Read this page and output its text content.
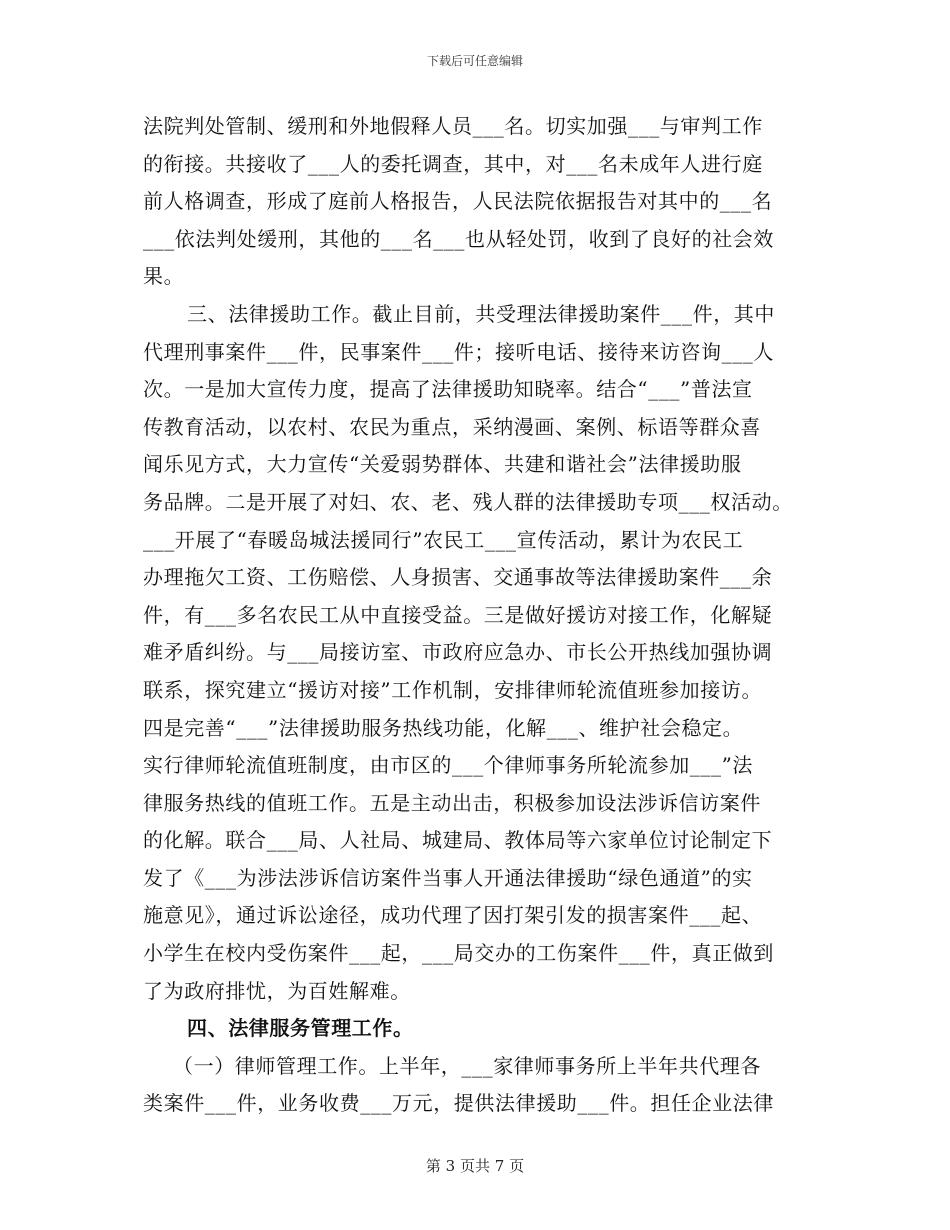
下载后可任意编辑
法院判处管制、缓刑和外地假释人员___名。切实加强___与审判工作
的衔接。共接收了___人的委托调查，其中，对___名未成年人进行庭
前人格调查，形成了庭前人格报告，人民法院依据报告对其中的___名
___依法判处缓刑，其他的___名___也从轻处罚，收到了良好的社会效
果。
三、法律援助工作。截止目前，共受理法律援助案件___件，其中
代理刑事案件___件，民事案件___件；接听电话、接待来访咨询___人
次。一是加大宣传力度，提高了法律援助知晓率。结合“___”普法宣
传教育活动，以农村、农民为重点，采纳漫画、案例、标语等群众喜
闻乐见方式，大力宣传“关爱弱势群体、共建和谐社会”法律援助服
务品牌。二是开展了对妇、农、老、残人群的法律援助专项___权活动。
___开展了“春暖岛城法援同行”农民工___宣传活动，累计为农民工
办理拖欠工资、工伤赔偿、人身损害、交通事故等法律援助案件___余
件，有___多名农民工从中直接受益。三是做好援访对接工作，化解疑
难矛盾纠纷。与___局接访室、市政府应急办、市长公开热线加强协调
联系，探究建立“援访对接”工作机制，安排律师轮流值班参加接访。
四是完善“___”法律援助服务热线功能，化解___、维护社会稳定。
实行律师轮流值班制度，由市区的___个律师事务所轮流参加___”法
律服务热线的值班工作。五是主动出击，积极参加设法涉诉信访案件
的化解。联合___局、人社局、城建局、教体局等六家单位讨论制定下
发了《___为涉法涉诉信访案件当事人开通法律援助“绿色通道”的实
施意见》，通过诉讼途径，成功代理了因打架引发的损害案件___起、
小学生在校内受伤案件___起，___局交办的工伤案件___件，真正做到
了为政府排忧，为百姓解难。
四、法律服务管理工作。
（一）律师管理工作。上半年，___家律师事务所上半年共代理各
类案件___件，业务收费___万元，提供法律援助___件。担任企业法律
第 3 页共 7 页
